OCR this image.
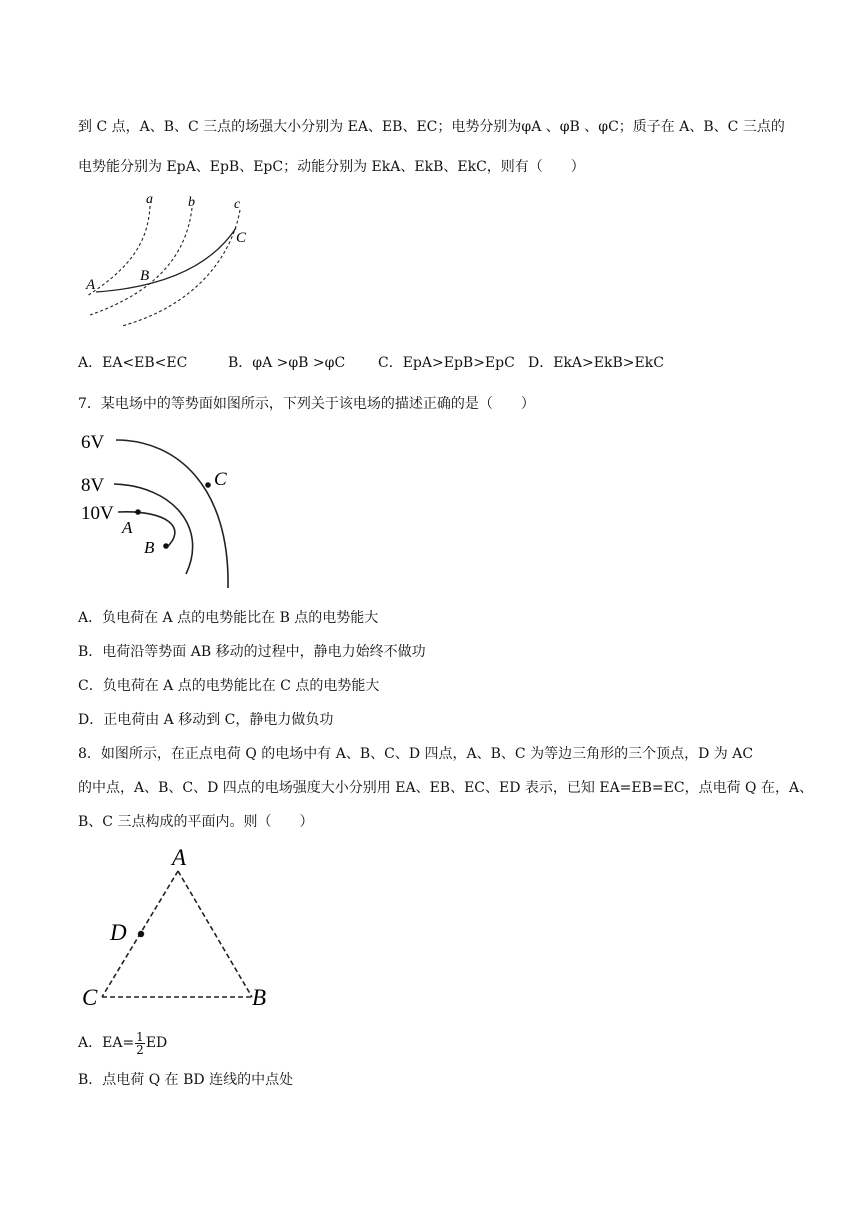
到 C 点，A、B、C 三点的场强大小分别为 EA、EB、EC；电势分别为φA 、φB 、φC；质子在 A、B、C 三点的
电势能分别为 EpA、EpB、EpC；动能分别为 EkA、EkB、EkC，则有（　　）
a	b	c
A
B
C
A．EA<EB<EC	B．φA >φB >φC C．EpA>EpB>EpC D．EkA>EkB>EkC
7．某电场中的等势面如图所示，下列关于该电场的描述正确的是（　　）
6V
8V
10V
A
B
C
A．负电荷在 A 点的电势能比在 B 点的电势能大
B．电荷沿等势面 AB 移动的过程中，静电力始终不做功
C．负电荷在 A 点的电势能比在 C 点的电势能大
D．正电荷由 A 移动到 C，静电力做负功
8．如图所示，在正点电荷 Q 的电场中有 A、B、C、D 四点，A、B、C 为等边三角形的三个顶点，D 为 AC
的中点，A、B、C、D 四点的电场强度大小分别用 EA、EB、EC、ED 表示，已知 EA=EB=EC，点电荷 Q 在，A、
B、C 三点构成的平面内。则（　　）
A
B
C
D
A．$EA= \frac{1}{2}$ ED
B．点电荷 Q 在 BD 连线的中点处
